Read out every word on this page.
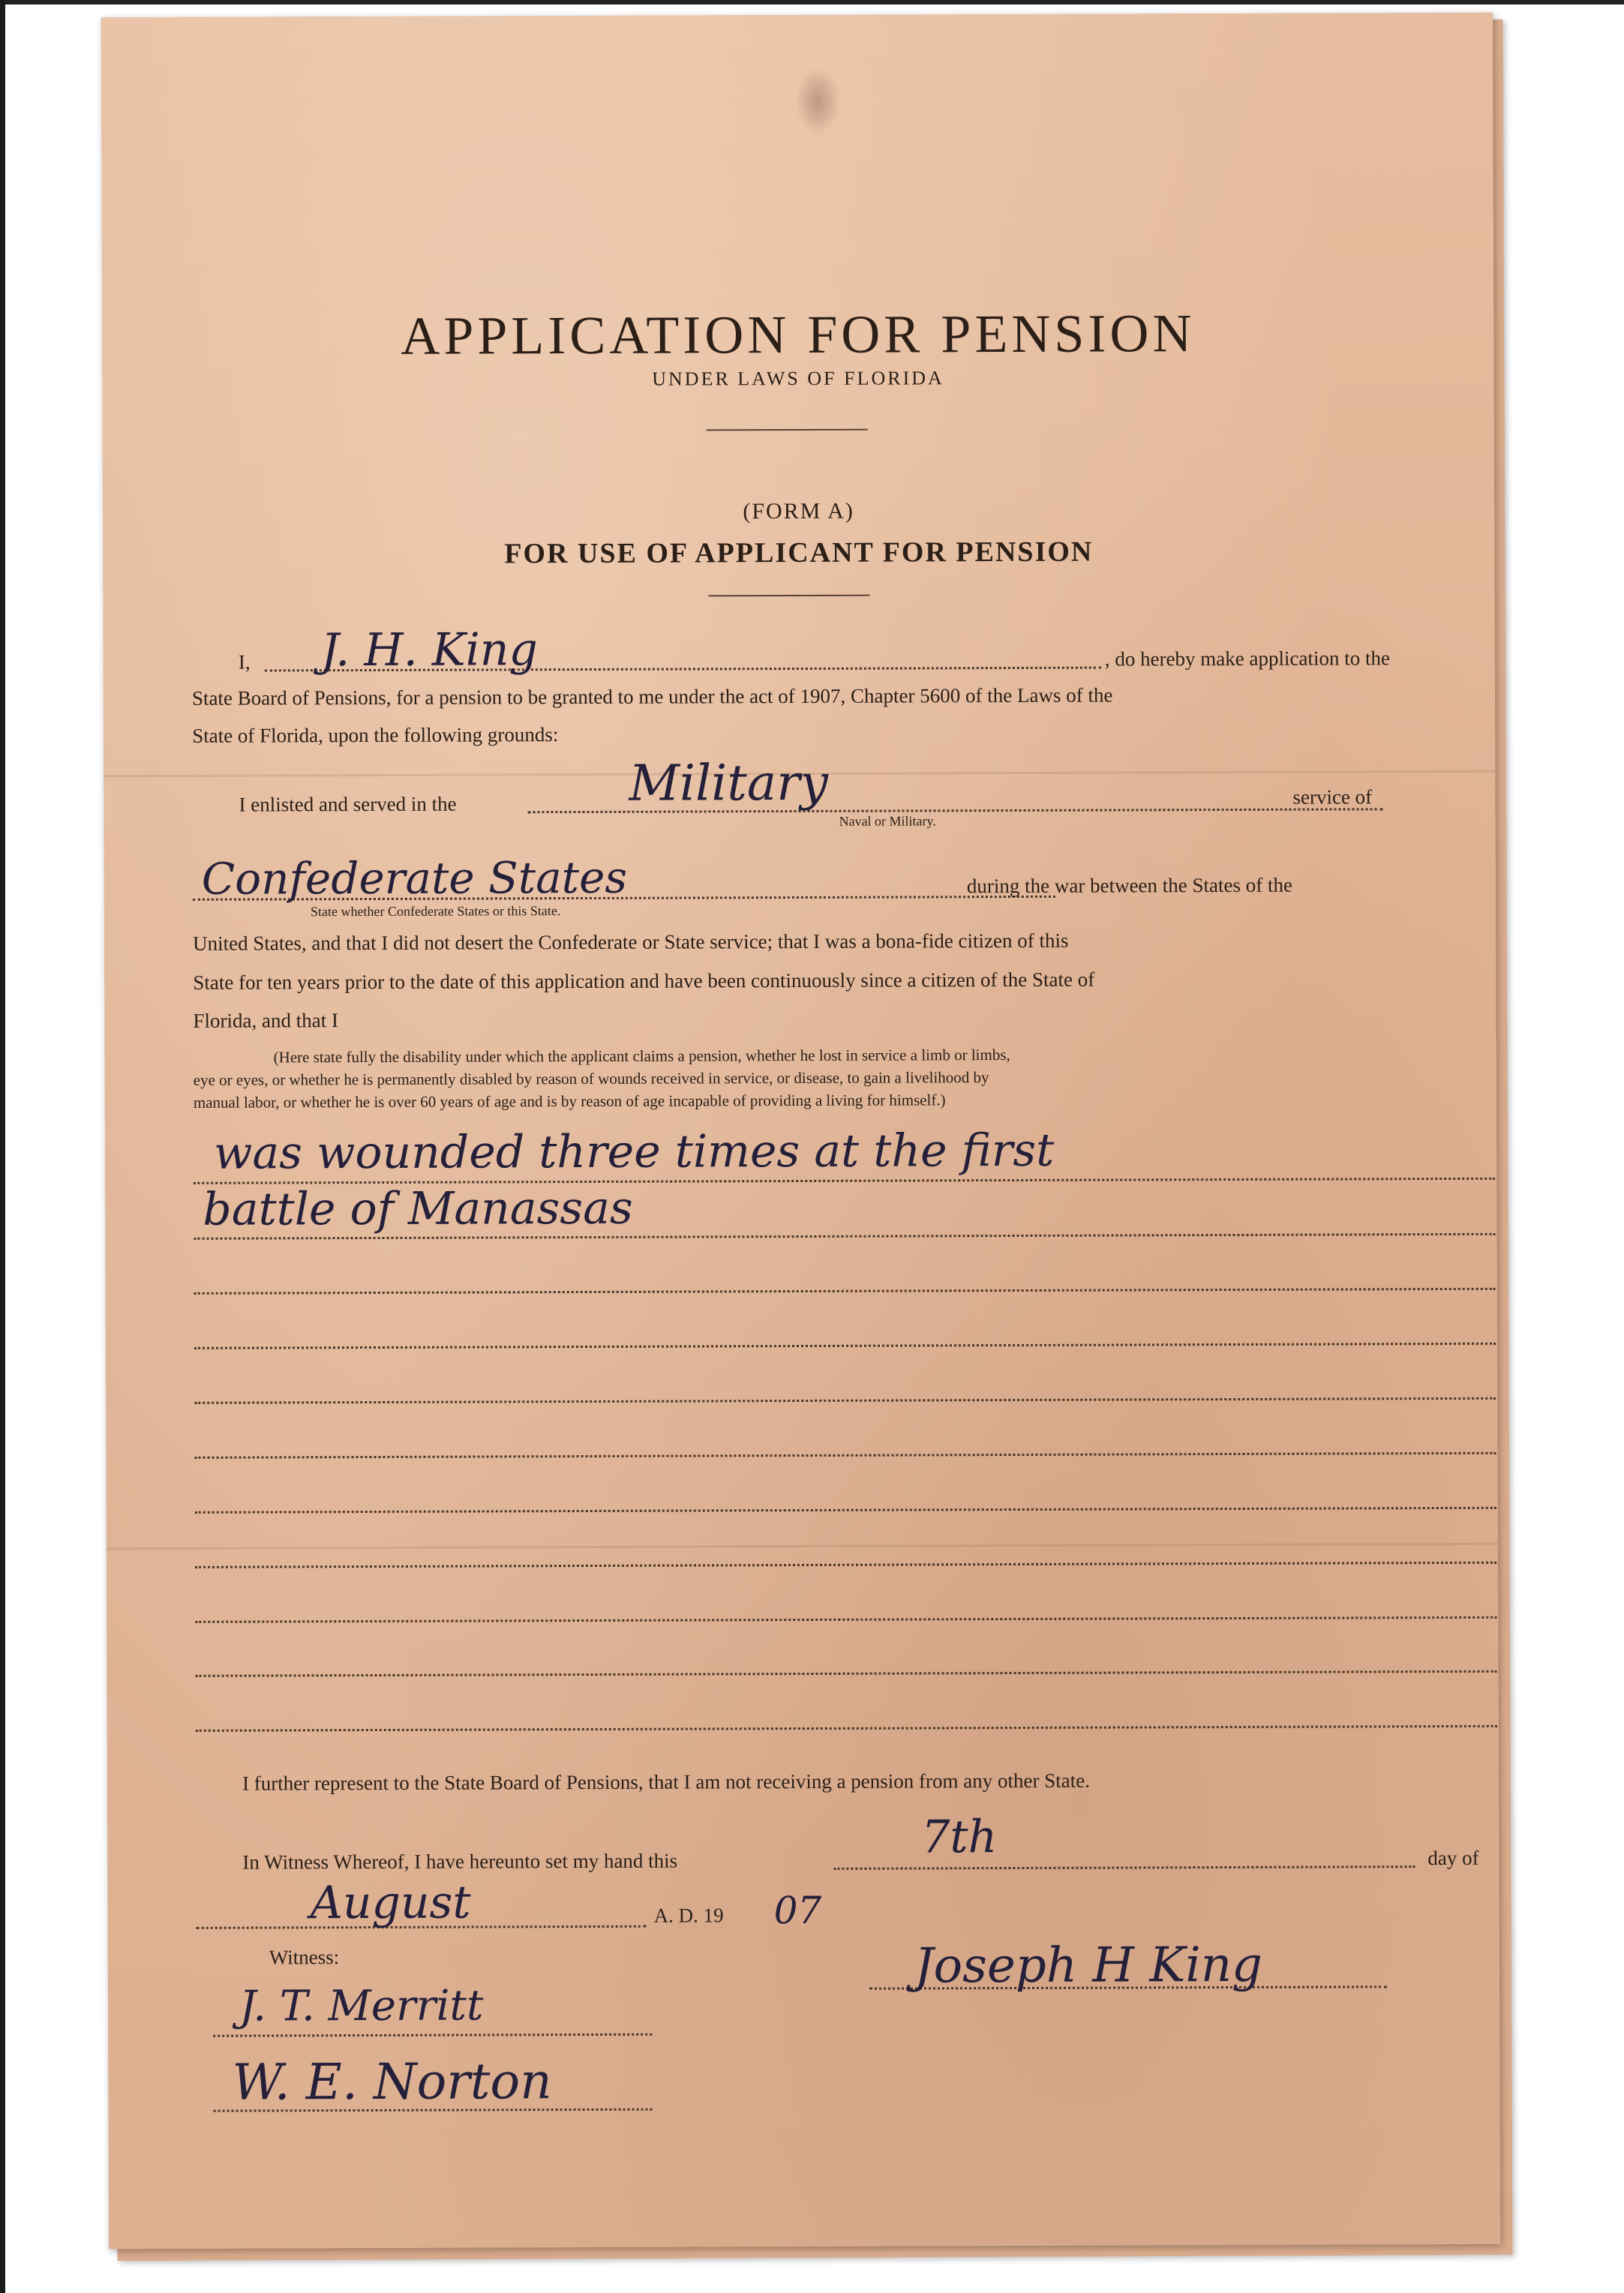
APPLICATION FOR PENSION
UNDER LAWS OF FLORIDA
(FORM A)
FOR USE OF APPLICANT FOR PENSION
I, J. H. King	, do hereby make application to the
State Board of Pensions, for a pension to be granted to me under the act of 1907, Chapter 5600 of the Laws of the
State of Florida, upon the following grounds:
I enlisted and served in the	Military
Naval or Military.
service of
Confederate States
State whether Confederate States or this State.
during the war between the States of the
United States, and that I did not desert the Confederate or State service; that I was a bona-fide citizen of this
State for ten years prior to the date of this application and have been continuously since a citizen of the State of
Florida, and that I
(Here state fully the disability under which the applicant claims a pension, whether he lost in service a limb or limbs,
eye or eyes, or whether he is permanently disabled by reason of wounds received in service, or disease, to gain a livelihood by
manual labor, or whether he is over 60 years of age and is by reason of age incapable of providing a living for himself.)
was wounded three times at the first
battle of Manassas
I further represent to the State Board of Pensions, that I am not receiving a pension from any other State.
In Witness Whereof, I have hereunto set my hand this	7th	day of
August	A. D. 19 07
Witness:	Joseph H King
J. T. Merritt
W. E. Norton
